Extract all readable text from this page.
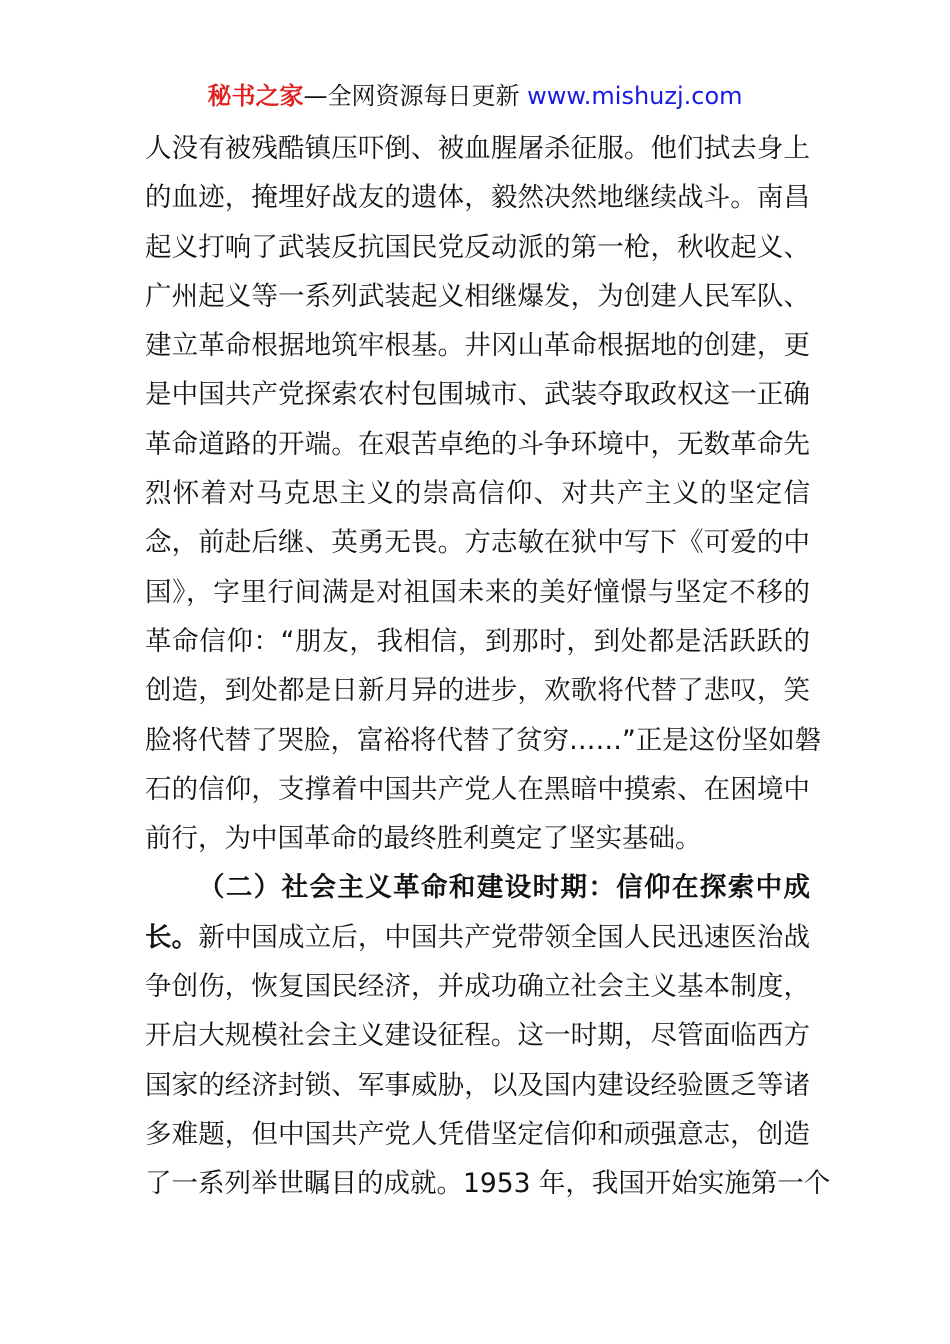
秘书之家—全网资源每日更新 www.mishuzj.com
人没有被残酷镇压吓倒、被血腥屠杀征服。他们拭去身上
的血迹，掩埋好战友的遗体，毅然决然地继续战斗。南昌
起义打响了武装反抗国民党反动派的第一枪，秋收起义、
广州起义等一系列武装起义相继爆发，为创建人民军队、
建立革命根据地筑牢根基。井冈山革命根据地的创建，更
是中国共产党探索农村包围城市、武装夺取政权这一正确
革命道路的开端。在艰苦卓绝的斗争环境中，无数革命先
烈怀着对马克思主义的崇高信仰、对共产主义的坚定信
念，前赴后继、英勇无畏。方志敏在狱中写下《可爱的中
国》，字里行间满是对祖国未来的美好憧憬与坚定不移的
革命信仰：“朋友，我相信，到那时，到处都是活跃跃的
创造，到处都是日新月异的进步，欢歌将代替了悲叹，笑
脸将代替了哭脸，富裕将代替了贫穷……”正是这份坚如磐
石的信仰，支撑着中国共产党人在黑暗中摸索、在困境中
前行，为中国革命的最终胜利奠定了坚实基础。
（二）社会主义革命和建设时期：信仰在探索中成
长。新中国成立后，中国共产党带领全国人民迅速医治战
争创伤，恢复国民经济，并成功确立社会主义基本制度，
开启大规模社会主义建设征程。这一时期，尽管面临西方
国家的经济封锁、军事威胁，以及国内建设经验匮乏等诸
多难题，但中国共产党人凭借坚定信仰和顽强意志，创造
了一系列举世瞩目的成就。1953 年，我国开始实施第一个
